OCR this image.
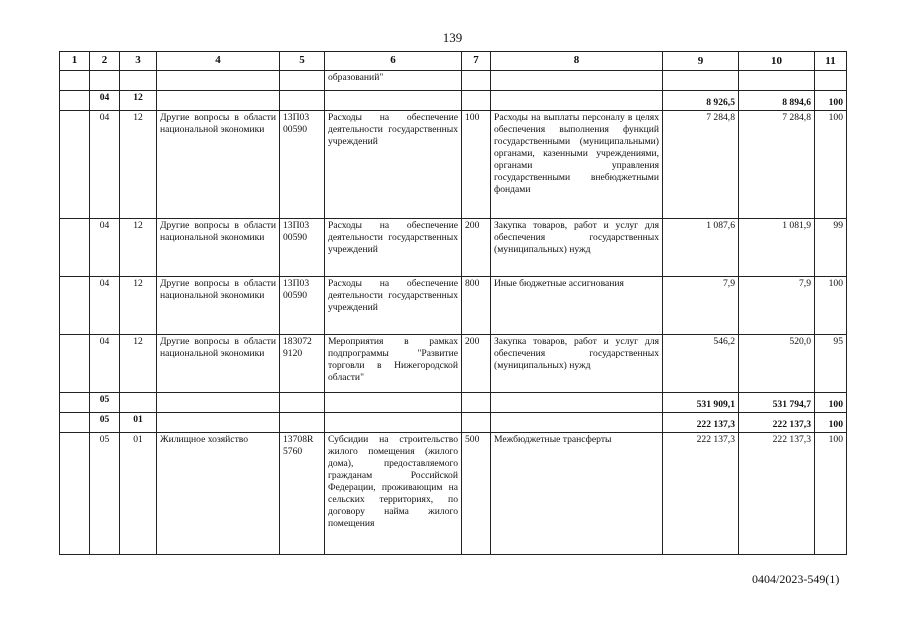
139
1	2	3	4	5	6	7	8	9	10	11
					образований"					
	04	12						8 926,5	8 894,6	100
	04	12	Другие вопросы в области национальной экономики	13П03 00590	Расходы на обеспечение деятельности государственных учреждений	100	Расходы на выплаты персоналу в целях обеспечения выполнения функций государственными (муниципальными) органами, казенными учреждениями, органами управления государственными внебюджетными фондами	7 284,8	7 284,8	100
	04	12	Другие вопросы в области национальной экономики	13П03 00590	Расходы на обеспечение деятельности государственных учреждений	200	Закупка товаров, работ и услуг для обеспечения государственных (муниципальных) нужд	1 087,6	1 081,9	99
	04	12	Другие вопросы в области национальной экономики	13П03 00590	Расходы на обеспечение деятельности государственных учреждений	800	Иные бюджетные ассигнования	7,9	7,9	100
	04	12	Другие вопросы в области национальной экономики	183072 9120	Мероприятия в рамках подпрограммы "Развитие торговли в Нижегородской области"	200	Закупка товаров, работ и услуг для обеспечения государственных (муниципальных) нужд	546,2	520,0	95
	05							531 909,1	531 794,7	100
	05	01						222 137,3	222 137,3	100
	05	01	Жилищное хозяйство	13708R 5760	Субсидии на строительство жилого помещения (жилого дома), предоставляемого гражданам Российской Федерации, проживающим на сельских территориях, по договору найма жилого помещения	500	Межбюджетные трансферты	222 137,3	222 137,3	100
0404/2023-549(1)
